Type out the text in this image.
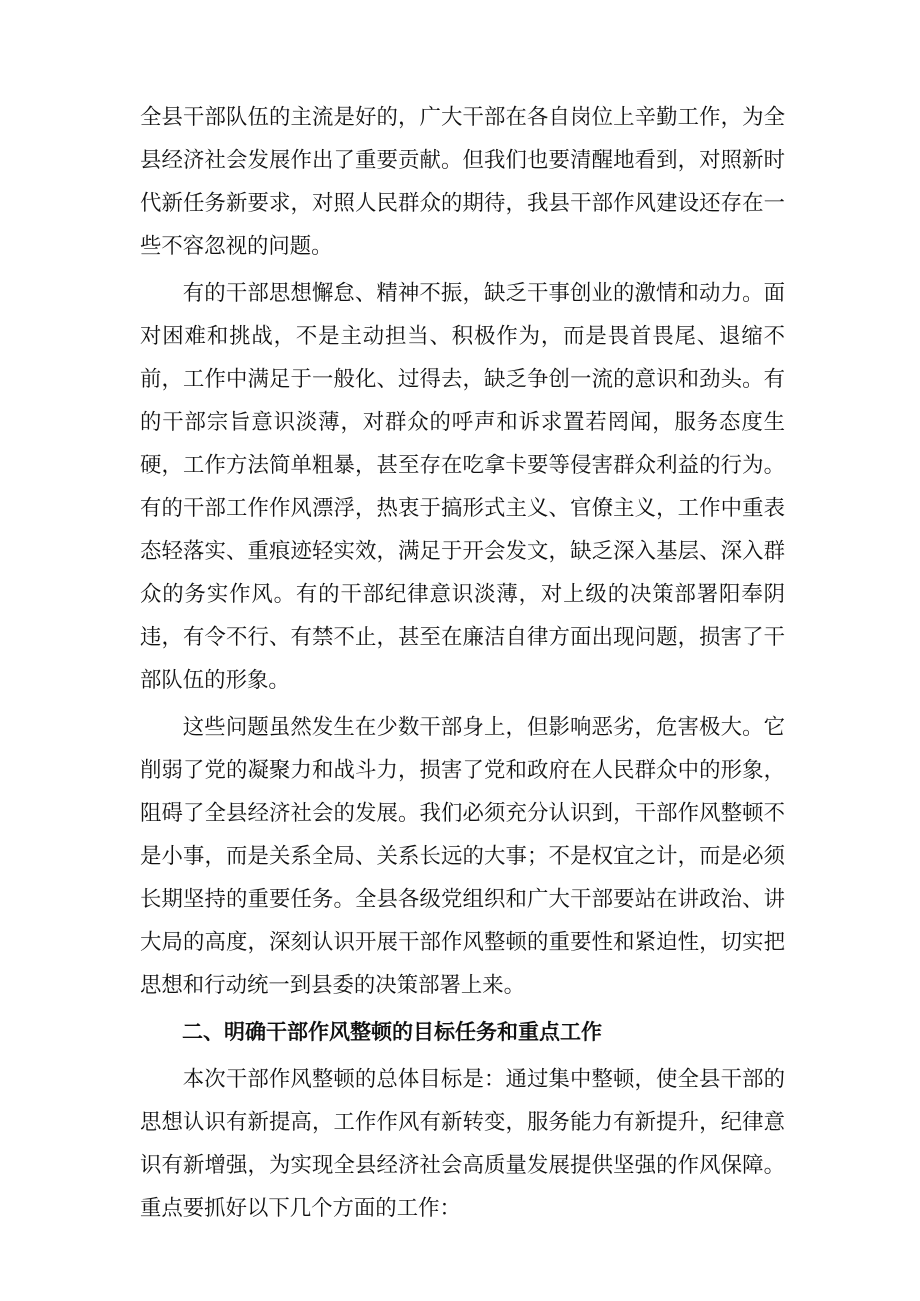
全县干部队伍的主流是好的，广大干部在各自岗位上辛勤工作，为全县经济社会发展作出了重要贡献。但我们也要清醒地看到，对照新时代新任务新要求，对照人民群众的期待，我县干部作风建设还存在一些不容忽视的问题。

有的干部思想懈怠、精神不振，缺乏干事创业的激情和动力。面对困难和挑战，不是主动担当、积极作为，而是畏首畏尾、退缩不前，工作中满足于一般化、过得去，缺乏争创一流的意识和劲头。有的干部宗旨意识淡薄，对群众的呼声和诉求置若罔闻，服务态度生硬，工作方法简单粗暴，甚至存在吃拿卡要等侵害群众利益的行为。有的干部工作作风漂浮，热衷于搞形式主义、官僚主义，工作中重表态轻落实、重痕迹轻实效，满足于开会发文，缺乏深入基层、深入群众的务实作风。有的干部纪律意识淡薄，对上级的决策部署阳奉阴违，有令不行、有禁不止，甚至在廉洁自律方面出现问题，损害了干部队伍的形象。

这些问题虽然发生在少数干部身上，但影响恶劣，危害极大。它削弱了党的凝聚力和战斗力，损害了党和政府在人民群众中的形象，阻碍了全县经济社会的发展。我们必须充分认识到，干部作风整顿不是小事，而是关系全局、关系长远的大事；不是权宜之计，而是必须长期坚持的重要任务。全县各级党组织和广大干部要站在讲政治、讲大局的高度，深刻认识开展干部作风整顿的重要性和紧迫性，切实把思想和行动统一到县委的决策部署上来。

二、明确干部作风整顿的目标任务和重点工作

本次干部作风整顿的总体目标是：通过集中整顿，使全县干部的思想认识有新提高，工作作风有新转变，服务能力有新提升，纪律意识有新增强，为实现全县经济社会高质量发展提供坚强的作风保障。重点要抓好以下几个方面的工作：
